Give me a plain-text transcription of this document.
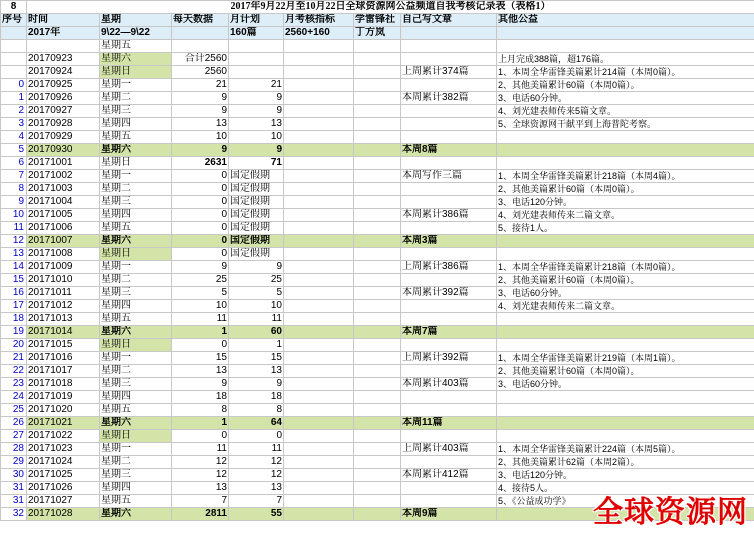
8	2017年9月22月至10月22日全球资源网公益频道自我考核记录表（表格1）							
序号	时间	星期	每天数据	月计划	月考核指标	学雷锋社	自己写文章	其他公益
	2017年	9\22—9\22		160篇	2560+160	丁方岚		
		星期五						
	20170923	星期六	合计2560					上月完成388篇，超176篇。
	20170924	星期日	2560				上周累计374篇	1、本周全华雷锋美篇累计214篇（本周0篇）。
0	20170925	星期一	21	21				2、其他美篇累计60篇（本周0篇）。
1	20170926	星期二	9	9			本周累计382篇	3、电话60分钟。
2	20170927	星期三	9	9				4、刘光建表师传来5篇文章。
3	20170928	星期四	13	13				5、全球资源网干献平到上海普陀考察。
4	20170929	星期五	10	10				
5	20170930	星期六	9	9			本周8篇	
6	20171001	星期日	2631	71				
7	20171002	星期一	0	国定假期			本周写作三篇	1、本周全华雷锋美篇累计218篇（本周4篇）。
8	20171003	星期二	0	国定假期				2、其他美篇累计60篇（本周0篇）。
9	20171004	星期三	0	国定假期				3、电话120分钟。
10	20171005	星期四	0	国定假期			本周累计386篇	4、刘光建表师传来二篇文章。
11	20171006	星期五	0	国定假期				5、接待1人。
12	20171007	星期六	0	国定假期			本周3篇	
13	20171008	星期日	0	国定假期				
14	20171009	星期一	9	9			上周累计386篇	1、本周全华雷锋美篇累计218篇（本周0篇）。
15	20171010	星期二	25	25				2、其他美篇累计60篇（本周0篇）。
16	20171011	星期三	5	5			本周累计392篇	3、电话60分钟。
17	20171012	星期四	10	10				4、刘光建表师传来二篇文章。
18	20171013	星期五	11	11				
19	20171014	星期六	1	60			本周7篇	
20	20171015	星期日	0	1				
21	20171016	星期一	15	15			上周累计392篇	1、本周全华雷锋美篇累计219篇（本周1篇）。
22	20171017	星期二	13	13				2、其他美篇累计60篇（本周0篇）。
23	20171018	星期三	9	9			本周累计403篇	3、电话60分钟。
24	20171019	星期四	18	18				
25	20171020	星期五	8	8				
26	20171021	星期六	1	64			本周11篇	
27	20171022	星期日	0	0				
28	20171023	星期一	11	11			上周累计403篇	1、本周全华雷锋美篇累计224篇（本周5篇）。
29	20171024	星期二	12	12				2、其他美篇累计62篇（本周2篇）。
30	20171025	星期三	12	12			本周累计412篇	3、电话120分钟。
31	20171026	星期四	13	13				4、接待5人。
31	20171027	星期五	7	7				5、《公益成功学》
32	20171028	星期六	2811	55			本周9篇		全球资源网
